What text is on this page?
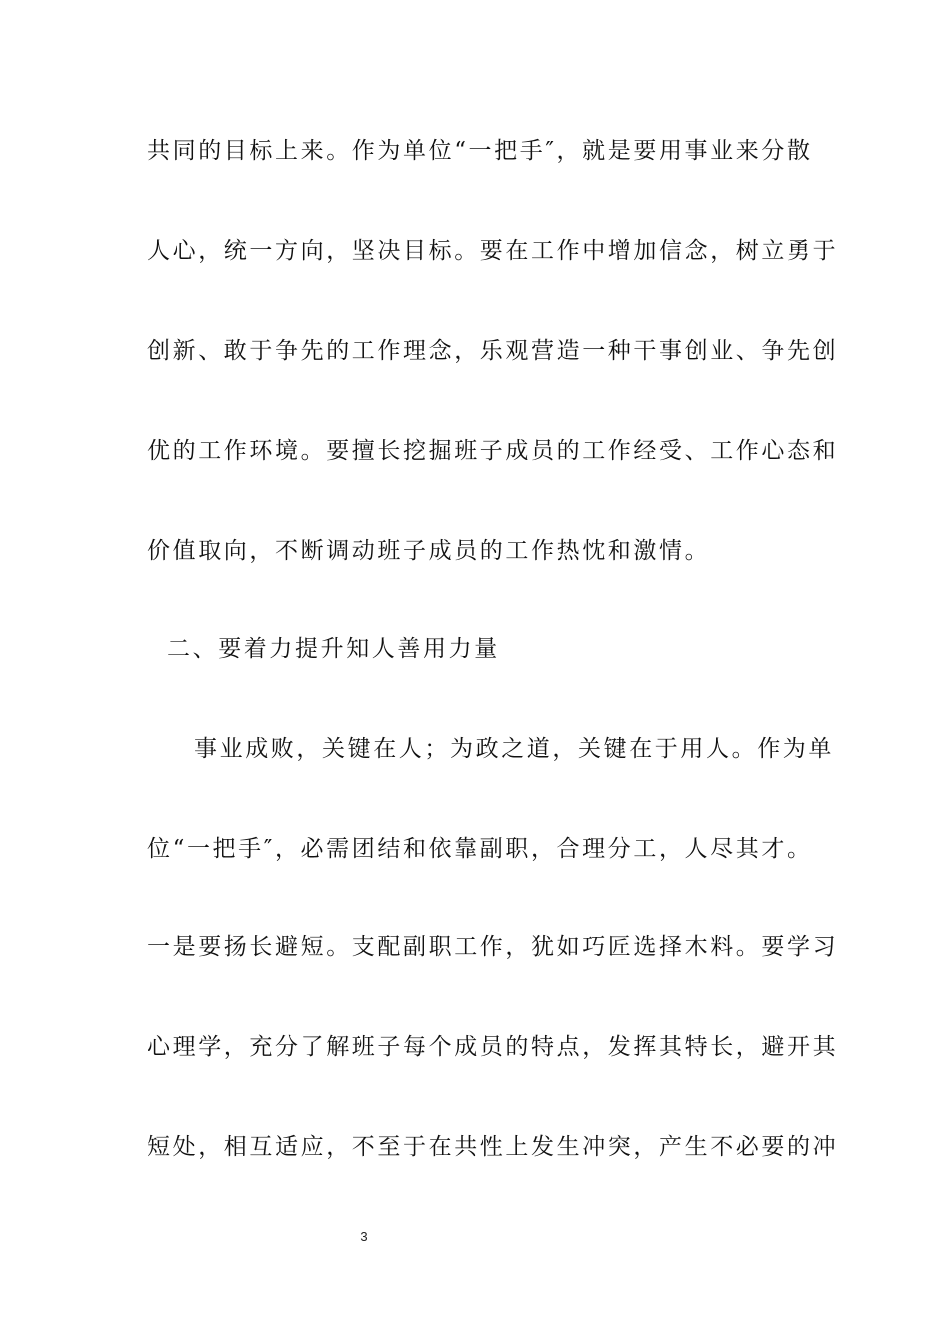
共同的目标上来。作为单位“一把手″，就是要用事业来分散
人心，统一方向，坚决目标。要在工作中增加信念，树立勇于
创新、敢于争先的工作理念，乐观营造一种干事创业、争先创
优的工作环境。要擅长挖掘班子成员的工作经受、工作心态和
价值取向，不断调动班子成员的工作热忱和激情。
二、要着力提升知人善用力量
事业成败，关键在人；为政之道，关键在于用人。作为单
位“一把手″，必需团结和依靠副职，合理分工，人尽其才。
一是要扬长避短。支配副职工作，犹如巧匠选择木料。要学习
心理学，充分了解班子每个成员的特点，发挥其特长，避开其
短处，相互适应，不至于在共性上发生冲突，产生不必要的冲
3
